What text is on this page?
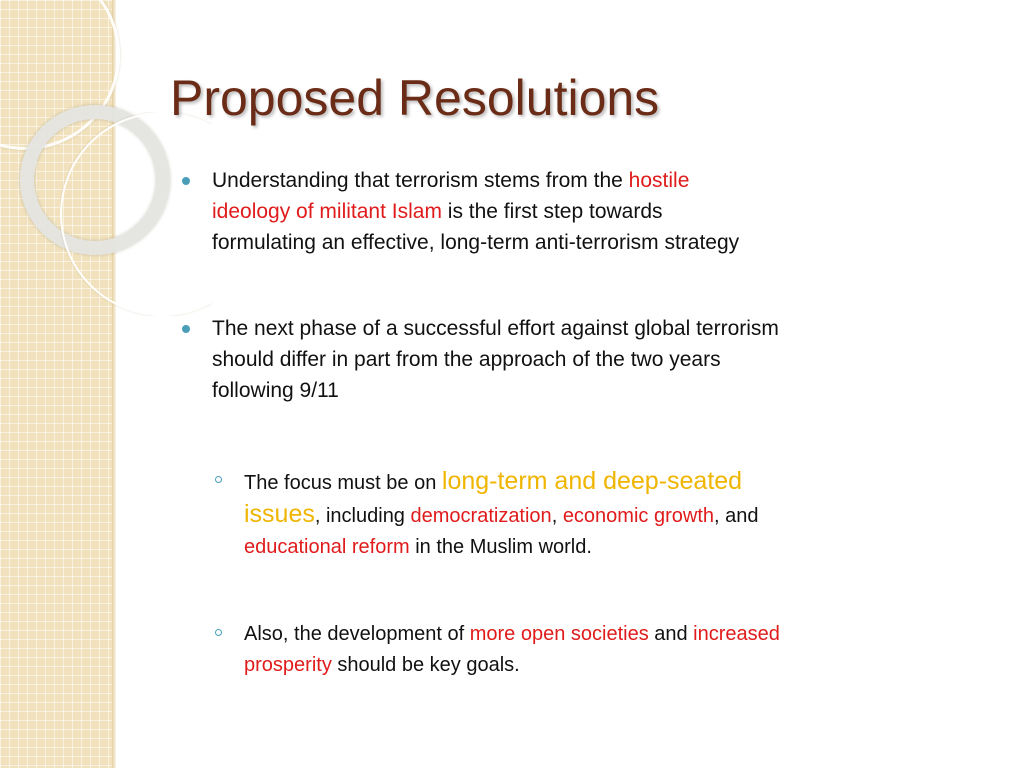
Proposed Resolutions
Understanding that terrorism stems from the hostile ideology of militant Islam is the first step towards formulating an effective, long-term anti-terrorism strategy
The next phase of a successful effort against global terrorism should differ in part from the approach of the two years following 9/11
The focus must be on long-term and deep-seated issues, including democratization, economic growth, and educational reform in the Muslim world.
Also, the development of more open societies and increased prosperity should be key goals.
